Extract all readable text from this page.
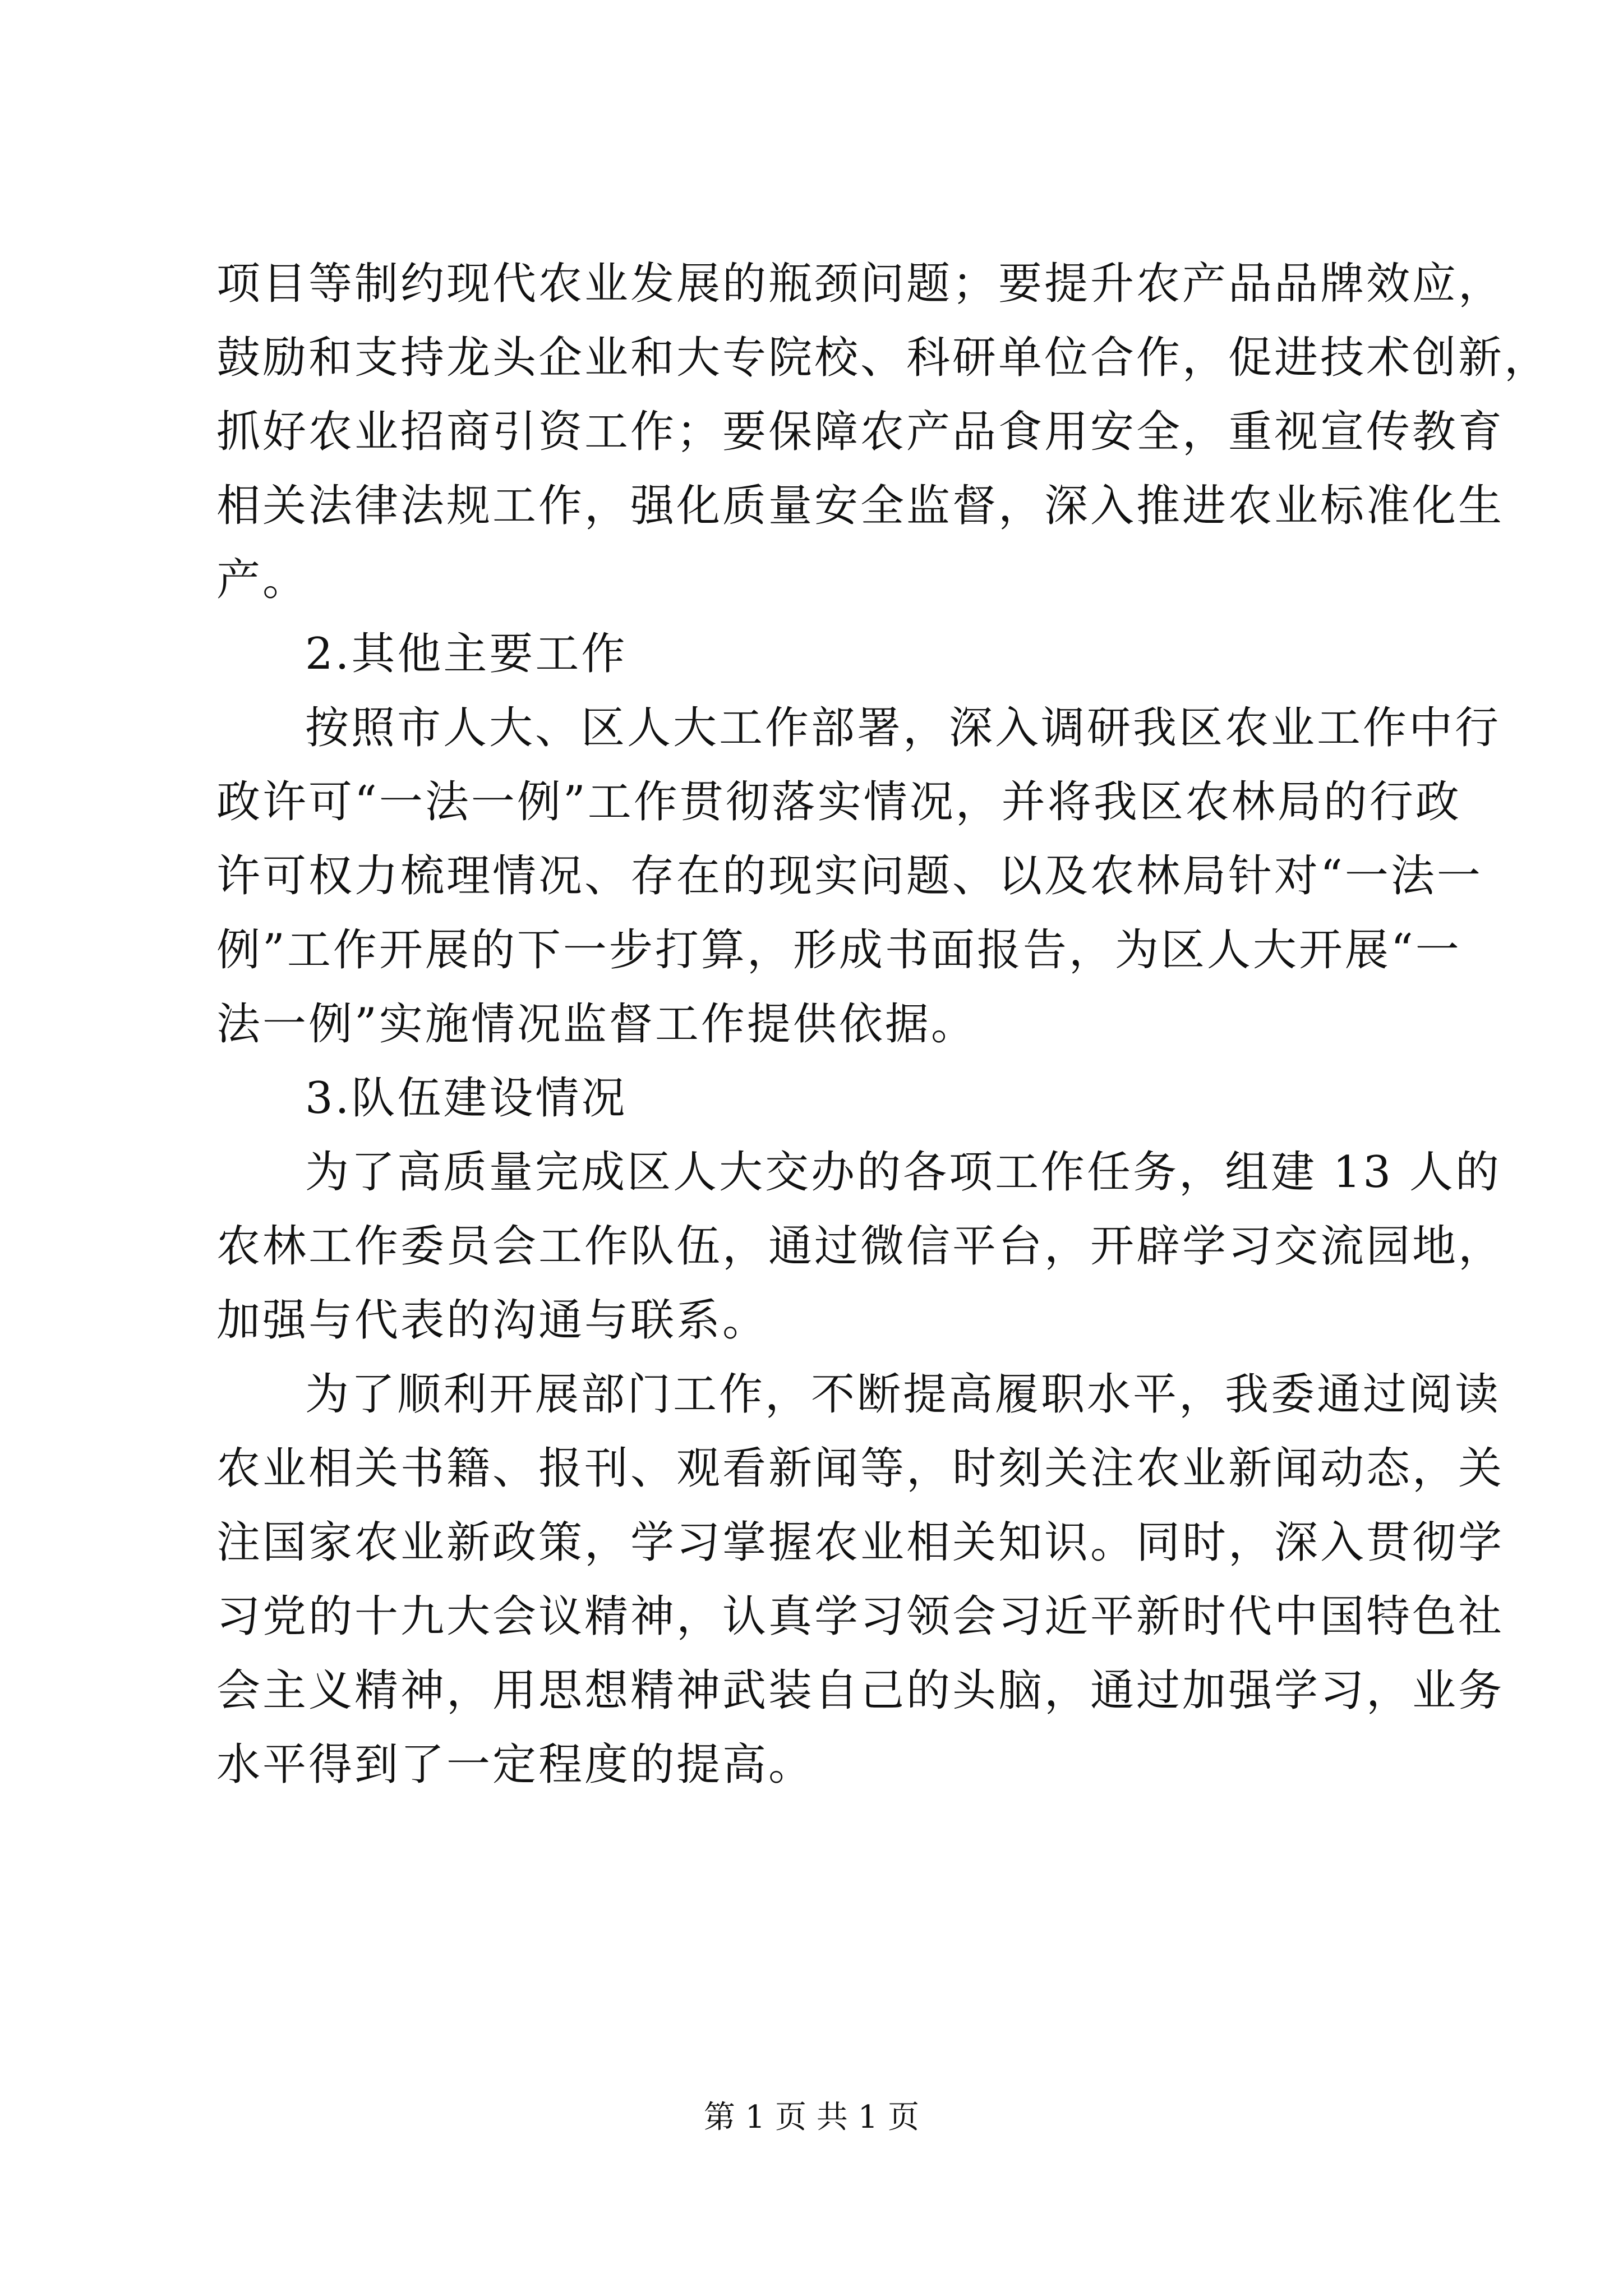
项目等制约现代农业发展的瓶颈问题；要提升农产品品牌效应，
鼓励和支持龙头企业和大专院校、科研单位合作，促进技术创新，
抓好农业招商引资工作；要保障农产品食用安全，重视宣传教育
相关法律法规工作，强化质量安全监督，深入推进农业标准化生
产。
2.其他主要工作
按照市人大、区人大工作部署，深入调研我区农业工作中行
政许可“一法一例”工作贯彻落实情况，并将我区农林局的行政
许可权力梳理情况、存在的现实问题、以及农林局针对“一法一
例”工作开展的下一步打算，形成书面报告，为区人大开展“一
法一例”实施情况监督工作提供依据。
3.队伍建设情况
为了高质量完成区人大交办的各项工作任务，组建 13 人的
农林工作委员会工作队伍，通过微信平台，开辟学习交流园地，
加强与代表的沟通与联系。
为了顺利开展部门工作，不断提高履职水平，我委通过阅读
农业相关书籍、报刊、观看新闻等，时刻关注农业新闻动态，关
注国家农业新政策，学习掌握农业相关知识。同时，深入贯彻学
习党的十九大会议精神，认真学习领会习近平新时代中国特色社
会主义精神，用思想精神武装自己的头脑，通过加强学习，业务
水平得到了一定程度的提高。
第 1 页 共 1 页
